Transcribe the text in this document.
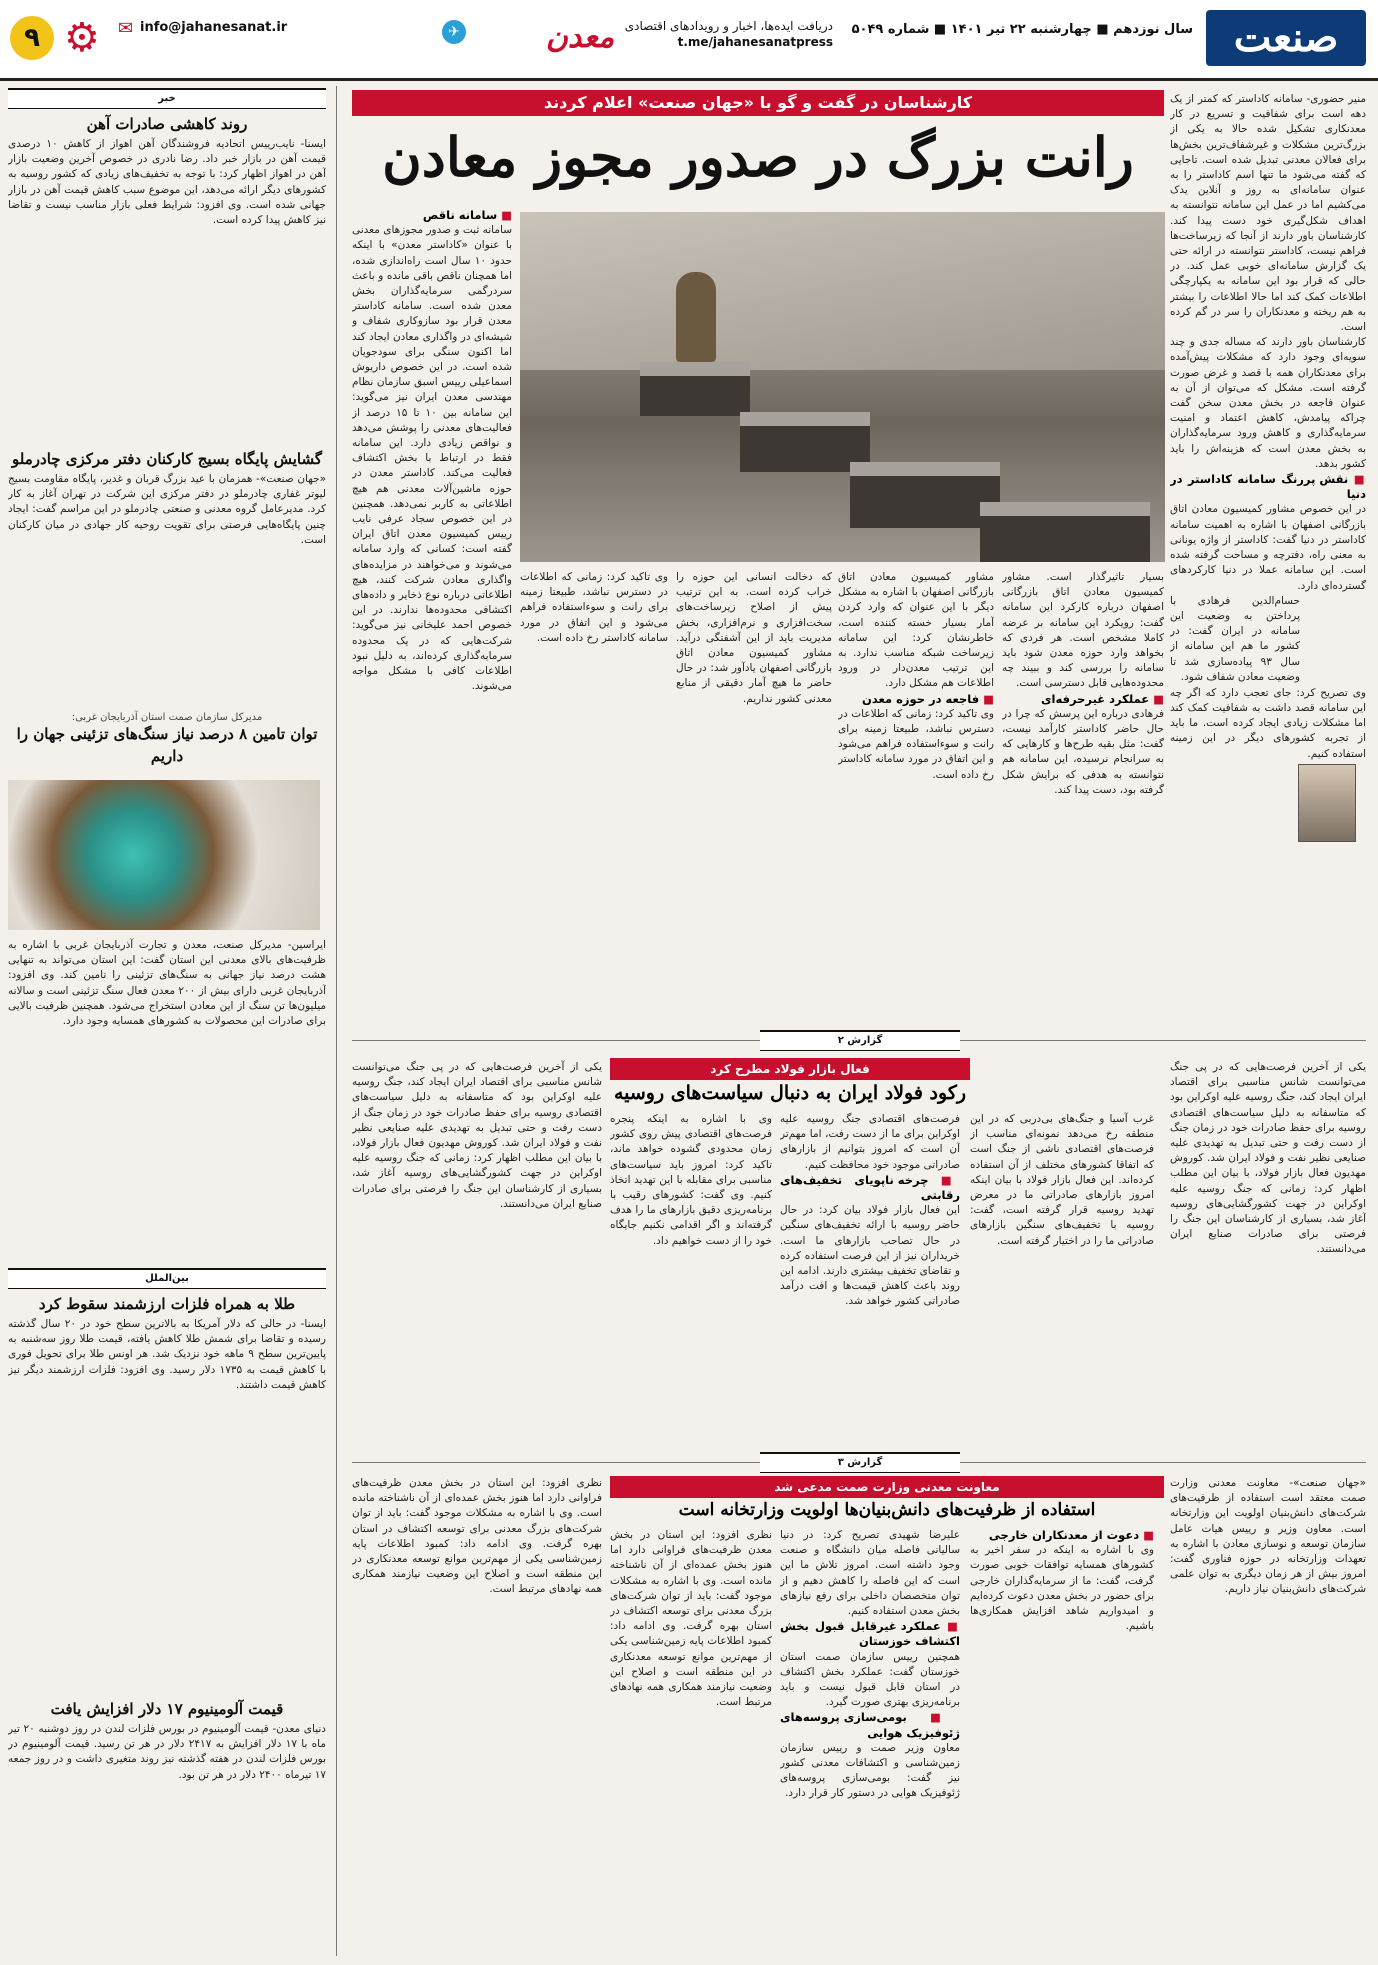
صنعت
سال نوزدهم ■ چهارشنبه ۲۲ تیر ۱۴۰۱ ■ شماره ۵۰۴۹
✈	دریافت ایده‌ها، اخبار و رویدادهای اقتصادی
t.me/jahanesanatpress
معدن
info@jahanesanat.ir
✉
⚙
۹
کارشناسان در گفت و گو با «جهان صنعت» اعلام کردند
رانت بزرگ در صدور مجوز معادن

منیر حضوری- سامانه کاداستر که کمتر از یک دهه است برای شفافیت و تسریع در کار معدنکاری تشکیل شده حالا به یکی از بزرگ‌ترین مشکلات و غیرشفاف‌ترین بخش‌ها برای فعالان معدنی تبدیل شده است. تاجایی که گفته می‌شود ما تنها اسم کاداستر را به عنوان سامانه‌ای به روز و آنلاین یدک می‌کشیم اما در عمل این سامانه نتوانسته به اهداف شکل‌گیری خود دست پیدا کند. کارشناسان باور دارند از آنجا که زیرساخت‌ها فراهم نیست، کاداستر نتوانسته در ارائه حتی یک گزارش سامانه‌ای خوبی عمل کند. در حالی که قرار بود این سامانه به یکپارچگی اطلاعات کمک کند اما حالا اطلاعات را بیشتر به هم ریخته و معدنکاران را سر در گم کرده است.

کارشناسان باور دارند که مساله جدی و چند سویه‌ای وجود دارد که مشکلات پیش‌آمده برای معدنکاران همه با قصد و غرض صورت گرفته است. مشکل که می‌توان از آن به عنوان فاجعه در بخش معدن سخن گفت چراکه پیامدش، کاهش اعتماد و امنیت سرمایه‌گذاری و کاهش ورود سرمایه‌گذاران به بخش معدن است که هزینه‌اش را باید کشور بدهد.

■ نقش پررنگ سامانه کاداستر در دنیا

در این خصوص مشاور کمیسیون معادن اتاق بازرگانی اصفهان با اشاره به اهمیت سامانه کاداستر در دنیا گفت: کاداستر از واژه یونانی به معنی راه، دفترچه و مساحت گرفته شده است. این سامانه عملا در دنیا کارکردهای گسترده‌ای دارد.

حسام‌الدین فرهادی با پرداختن به وضعیت این سامانه در ایران گفت: در کشور ما هم این سامانه از سال ۹۳ پیاده‌سازی شد تا وضعیت معادن شفاف شود.

وی تصریح کرد: جای تعجب دارد که اگر چه این سامانه قصد داشت به شفافیت کمک کند اما مشکلات زیادی ایجاد کرده است. ما باید از تجربه کشورهای دیگر در این زمینه استفاده کنیم.

■ سامانه ناقص

سامانه ثبت و صدور مجوزهای معدنی با عنوان «کاداستر معدن» با اینکه حدود ۱۰ سال است راه‌اندازی شده، اما همچنان ناقص باقی مانده و باعث سردرگمی سرمایه‌گذاران بخش معدن شده است. سامانه کاداستر معدن قرار بود سازوکاری شفاف و شیشه‌ای در واگذاری معادن ایجاد کند اما اکنون سنگی برای سودجویان شده است. در این خصوص داریوش اسماعیلی رییس اسبق سازمان نظام مهندسی معدن ایران نیز می‌گوید: این سامانه بین ۱۰ تا ۱۵ درصد از فعالیت‌های معدنی را پوشش می‌دهد و نواقص زیادی دارد. این سامانه فقط در ارتباط با بخش اکتشاف فعالیت می‌کند. کاداستر معدن در حوزه ماشین‌آلات معدنی هم هیچ اطلاعاتی به کاربر نمی‌دهد. همچنین در این خصوص سجاد عرفی نایب رییس کمیسیون معدن اتاق ایران گفته است: کسانی که وارد سامانه می‌شوند و می‌خواهند در مزایده‌های واگذاری معادن شرکت کنند، هیچ اطلاعاتی درباره نوع ذخایر و داده‌های اکتشافی محدوده‌ها ندارند. در این خصوص احمد علیخانی نیز می‌گوید: شرکت‌هایی که در یک محدوده سرمایه‌گذاری کرده‌اند، به دلیل نبود اطلاعات کافی با مشکل مواجه می‌شوند.

بسیار تاثیرگذار است. مشاور کمیسیون معادن اتاق بازرگانی اصفهان درباره کارکرد این سامانه گفت: رویکرد این سامانه بر عرضه کاملا مشخص است. هر فردی که بخواهد وارد حوزه معدن شود باید سامانه را بررسی کند و ببیند چه محدوده‌هایی قابل دسترسی است.

■ عملکرد غیرحرفه‌ای

فرهادی درباره این پرسش که چرا در حال حاضر کاداستر کارآمد نیست، گفت: مثل بقیه طرح‌ها و کارهایی که به سرانجام نرسیده، این سامانه هم نتوانسته به هدفی که برایش شکل گرفته بود، دست پیدا کند.

مشاور کمیسیون معادن اتاق بازرگانی اصفهان با اشاره به مشکل دیگر با این عنوان که وارد کردن آمار بسیار خسته کننده است، خاطرنشان کرد: این سامانه زیرساخت شبکه مناسب ندارد. به این ترتیب معدن‌دار در ورود اطلاعات هم مشکل دارد.

■ فاجعه در حوزه معدن

وی تاکید کرد: زمانی که اطلاعات در دسترس نباشد، طبیعتا زمینه برای رانت و سوءاستفاده فراهم می‌شود و این اتفاق در مورد سامانه کاداستر رخ داده است.

که دخالت انسانی این حوزه را خراب کرده است. به این ترتیب پیش از اصلاح زیرساخت‌های سخت‌افزاری و نرم‌افزاری، بخش مدیریت باید از این آشفتگی درآید. مشاور کمیسیون معادن اتاق بازرگانی اصفهان یادآور شد: در حال حاضر ما هیچ آمار دقیقی از منابع معدنی کشور نداریم.

وی تاکید کرد: زمانی که اطلاعات در دسترس نباشد، طبیعتا زمینه برای رانت و سوءاستفاده فراهم می‌شود و این اتفاق در مورد سامانه کاداستر رخ داده است.

گزارش ۲
فعال بازار فولاد مطرح کرد
رکود فولاد ایران به دنبال سیاست‌های روسیه

یکی از آخرین فرصت‌هایی که در پی جنگ می‌توانست شانس مناسبی برای اقتصاد ایران ایجاد کند، جنگ روسیه علیه اوکراین بود که متاسفانه به دلیل سیاست‌های اقتصادی روسیه برای حفظ صادرات خود در زمان جنگ از دست رفت و حتی تبدیل به تهدیدی علیه صنایعی نظیر نفت و فولاد ایران شد. کوروش مهدیون فعال بازار فولاد، با بیان این مطلب اظهار کرد: زمانی که جنگ روسیه علیه اوکراین در جهت کشورگشایی‌های روسیه آغاز شد، بسیاری از کارشناسان این جنگ را فرصتی برای صادرات صنایع ایران می‌دانستند.

غرب آسیا و جنگ‌های بی‌دربی که در این منطقه رخ می‌دهد نمونه‌ای مناسب از فرصت‌های اقتصادی ناشی از جنگ است که اتفاقا کشورهای مختلف از آن استفاده کرده‌اند. این فعال بازار فولاد با بیان اینکه امروز بازارهای صادراتی ما در معرض تهدید روسیه قرار گرفته است، گفت: روسیه با تخفیف‌های سنگین بازارهای صادراتی ما را در اختیار گرفته است.

فرصت‌های اقتصادی جنگ روسیه علیه اوکراین برای ما از دست رفت، اما مهم‌تر آن است که امروز بتوانیم از بازارهای صادراتی موجود خود محافظت کنیم.

■ چرخه ناپویای تخفیف‌های رقابتی

این فعال بازار فولاد بیان کرد: در حال حاضر روسیه با ارائه تخفیف‌های سنگین در حال تصاحب بازارهای ما است. خریداران نیز از این فرصت استفاده کرده و تقاضای تخفیف بیشتری دارند. ادامه این روند باعث کاهش قیمت‌ها و افت درآمد صادراتی کشور خواهد شد.

وی با اشاره به اینکه پنجره فرصت‌های اقتصادی پیش روی کشور زمان محدودی گشوده خواهد ماند، تاکید کرد: امروز باید سیاست‌های مناسبی برای مقابله با این تهدید اتخاذ کنیم. وی گفت: کشورهای رقیب با برنامه‌ریزی دقیق بازارهای ما را هدف گرفته‌اند و اگر اقدامی نکنیم جایگاه خود را از دست خواهیم داد.

یکی از آخرین فرصت‌هایی که در پی جنگ می‌توانست شانس مناسبی برای اقتصاد ایران ایجاد کند، جنگ روسیه علیه اوکراین بود که متاسفانه به دلیل سیاست‌های اقتصادی روسیه برای حفظ صادرات خود در زمان جنگ از دست رفت و حتی تبدیل به تهدیدی علیه صنایعی نظیر نفت و فولاد ایران شد. کوروش مهدیون فعال بازار فولاد، با بیان این مطلب اظهار کرد: زمانی که جنگ روسیه علیه اوکراین در جهت کشورگشایی‌های روسیه آغاز شد، بسیاری از کارشناسان این جنگ را فرصتی برای صادرات صنایع ایران می‌دانستند.

گزارش ۳
معاونت معدنی وزارت صمت مدعی شد
استفاده از ظرفیت‌های دانش‌بنیان‌ها اولویت وزارتخانه است

«جهان صنعت»- معاونت معدنی وزارت صمت معتقد است استفاده از ظرفیت‌های شرکت‌های دانش‌بنیان اولویت این وزارتخانه است. معاون وزیر و رییس هیات عامل سازمان توسعه و نوسازی معادن با اشاره به تعهدات وزارتخانه در حوزه فناوری گفت: امروز بیش از هر زمان دیگری به توان علمی شرکت‌های دانش‌بنیان نیاز داریم.

■ دعوت از معدنکاران خارجی

وی با اشاره به اینکه در سفر اخیر به کشورهای همسایه توافقات خوبی صورت گرفت، گفت: ما از سرمایه‌گذاران خارجی برای حضور در بخش معدن دعوت کرده‌ایم و امیدواریم شاهد افزایش همکاری‌ها باشیم.

علیرضا شهیدی تصریح کرد: در دنیا سالیانی فاصله میان دانشگاه و صنعت وجود داشته است. امروز تلاش ما این است که این فاصله را کاهش دهیم و از توان متخصصان داخلی برای رفع نیازهای بخش معدن استفاده کنیم.

■ عملکرد غیرقابل قبول بخش اکتشاف خوزستان

همچنین رییس سازمان صمت استان خوزستان گفت: عملکرد بخش اکتشاف در استان قابل قبول نیست و باید برنامه‌ریزی بهتری صورت گیرد.

■ بومی‌سازی پروسه‌های ژئوفیزیک هوایی

معاون وزیر صمت و رییس سازمان زمین‌شناسی و اکتشافات معدنی کشور نیز گفت: بومی‌سازی پروسه‌های ژئوفیزیک هوایی در دستور کار قرار دارد.

نظری افزود: این استان در بخش معدن ظرفیت‌های فراوانی دارد اما هنوز بخش عمده‌ای از آن ناشناخته مانده است. وی با اشاره به مشکلات موجود گفت: باید از توان شرکت‌های بزرگ معدنی برای توسعه اکتشاف در استان بهره گرفت. وی ادامه داد: کمبود اطلاعات پایه زمین‌شناسی یکی از مهم‌ترین موانع توسعه معدنکاری در این منطقه است و اصلاح این وضعیت نیازمند همکاری همه نهادهای مرتبط است.

نظری افزود: این استان در بخش معدن ظرفیت‌های فراوانی دارد اما هنوز بخش عمده‌ای از آن ناشناخته مانده است. وی با اشاره به مشکلات موجود گفت: باید از توان شرکت‌های بزرگ معدنی برای توسعه اکتشاف در استان بهره گرفت. وی ادامه داد: کمبود اطلاعات پایه زمین‌شناسی یکی از مهم‌ترین موانع توسعه معدنکاری در این منطقه است و اصلاح این وضعیت نیازمند همکاری همه نهادهای مرتبط است.

خبر
روند کاهشی صادرات آهن
ایسنا- نایب‌رییس اتحادیه فروشندگان آهن اهواز از کاهش ۱۰ درصدی قیمت آهن در بازار خبر داد. رضا نادری در خصوص آخرین وضعیت بازار آهن در اهواز اظهار کرد: با توجه به تخفیف‌های زیادی که کشور روسیه به کشورهای دیگر ارائه می‌دهد، این موضوع سبب کاهش قیمت آهن در بازار جهانی شده است. وی افزود: شرایط فعلی بازار مناسب نیست و تقاضا نیز کاهش پیدا کرده است.
گشایش پایگاه بسیج کارکنان دفتر مرکزی چادرملو
«جهان صنعت»- همزمان با عید بزرگ قربان و غدیر، پایگاه مقاومت بسیج لیوتر غفاری چادرملو در دفتر مرکزی این شرکت در تهران آغاز به کار کرد. مدیرعامل گروه معدنی و صنعتی چادرملو در این مراسم گفت: ایجاد چنین پایگاه‌هایی فرصتی برای تقویت روحیه کار جهادی در میان کارکنان است.
مدیرکل سازمان صمت استان آذربایجان غربی:
توان تامین ۸ درصد نیاز سنگ‌های تزئینی جهان را داریم
ایراسین- مدیرکل صنعت، معدن و تجارت آذربایجان غربی با اشاره به ظرفیت‌های بالای معدنی این استان گفت: این استان می‌تواند به تنهایی هشت درصد نیاز جهانی به سنگ‌های تزئینی را تامین کند. وی افزود: آذربایجان غربی دارای بیش از ۲۰۰ معدن فعال سنگ تزئینی است و سالانه میلیون‌ها تن سنگ از این معادن استخراج می‌شود. همچنین ظرفیت بالایی برای صادرات این محصولات به کشورهای همسایه وجود دارد.
بین‌الملل
طلا به همراه فلزات ارزشمند سقوط کرد
ایسنا- در حالی که دلار آمریکا به بالاترین سطح خود در ۲۰ سال گذشته رسیده و تقاضا برای شمش طلا کاهش یافته، قیمت طلا روز سه‌شنبه به پایین‌ترین سطح ۹ ماهه خود نزدیک شد. هر اونس طلا برای تحویل فوری با کاهش قیمت به ۱۷۳۵ دلار رسید. وی افزود: فلزات ارزشمند دیگر نیز کاهش قیمت داشتند.
قیمت آلومینیوم ۱۷ دلار افزایش یافت
دنیای معدن- قیمت آلومینیوم در بورس فلزات لندن در روز دوشنبه ۲۰ تیر ماه با ۱۷ دلار افزایش به ۲۴۱۷ دلار در هر تن رسید. قیمت آلومینیوم در بورس فلزات لندن در هفته گذشته نیز روند متغیری داشت و در روز جمعه ۱۷ تیرماه ۲۴۰۰ دلار در هر تن بود.
